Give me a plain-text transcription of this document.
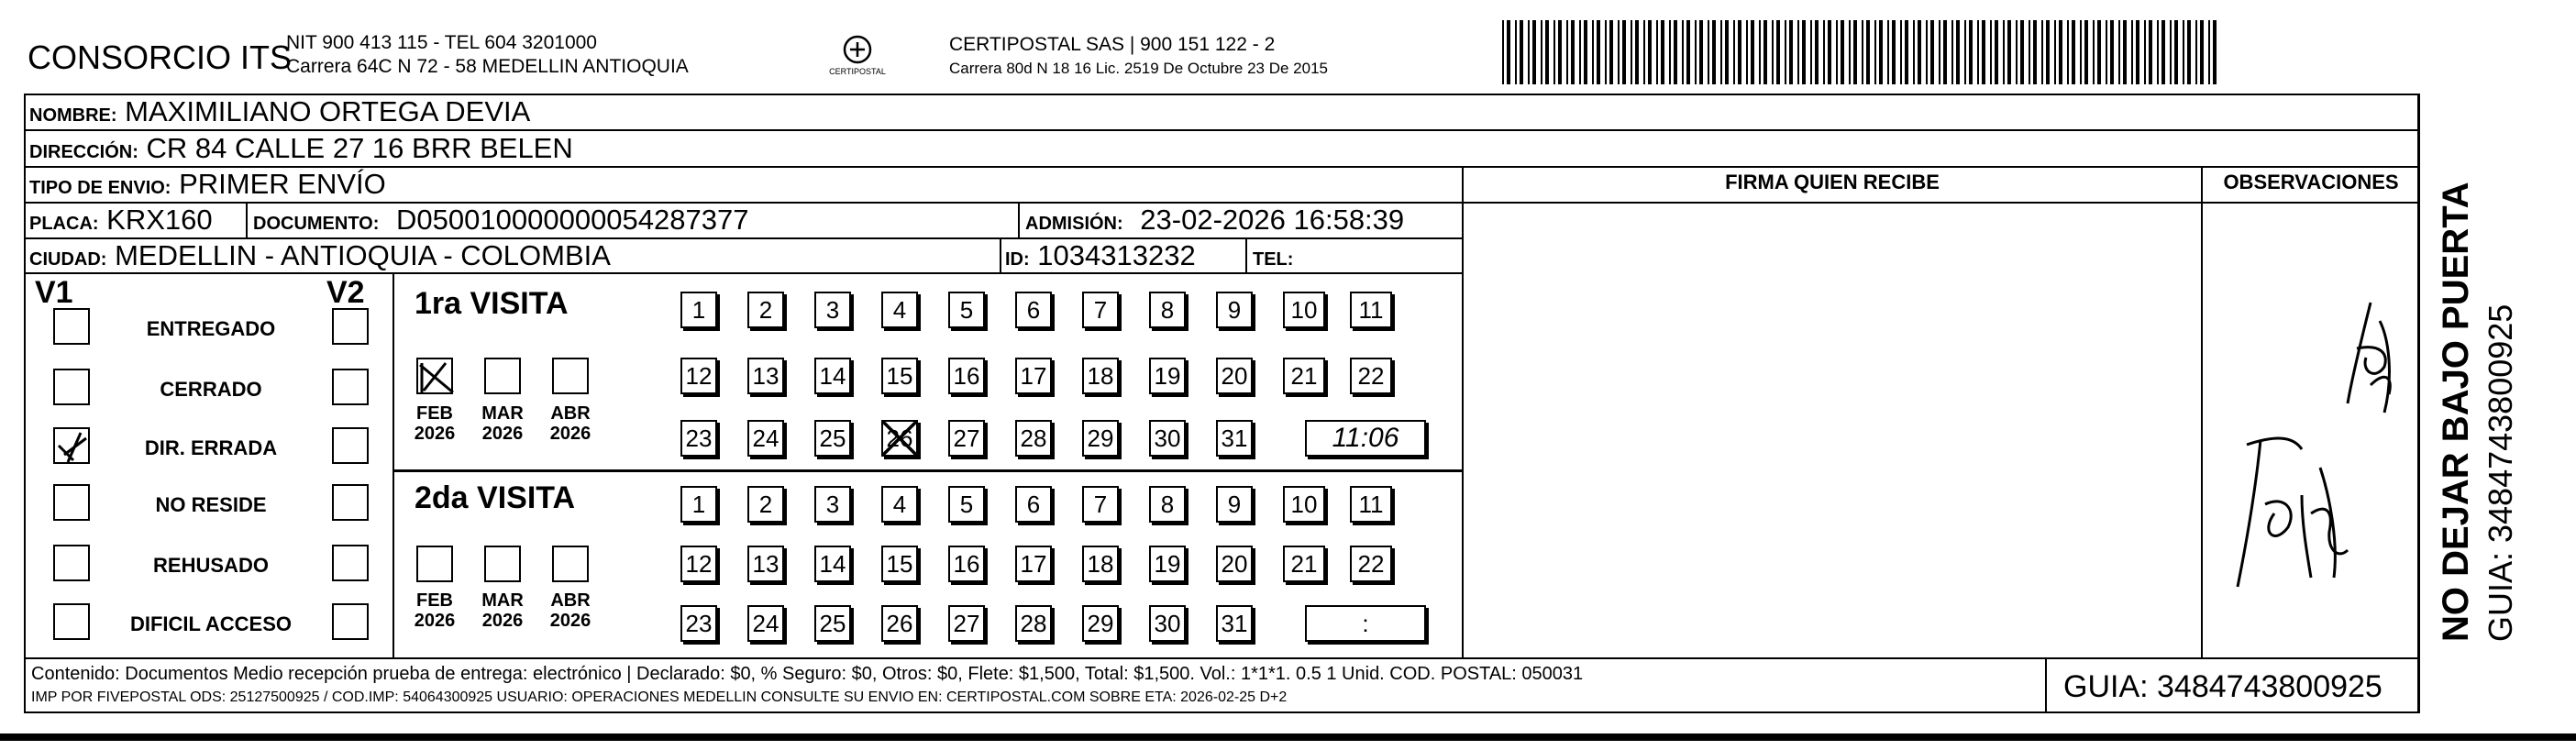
CONSORCIO ITS
NIT 900 413 115 - TEL 604 3201000
Carrera 64C N 72 - 58 MEDELLIN ANTIOQUIA	CERTIPOSTAL
CERTIPOSTAL SAS | 900 151 122 - 2
Carrera 80d N 18 16 Lic. 2519 De Octubre 23 De 2015
NOMBRE: MAXIMILIANO ORTEGA DEVIA
DIRECCIÓN: CR 84 CALLE 27 16 BRR BELEN
TIPO DE ENVIO: PRIMER ENVÍO
PLACA: KRX160 DOCUMENTO: D050010000000054287377	ADMISIÓN: 23-02-2026 16:58:39
CIUDAD: MEDELLIN - ANTIOQUIA - COLOMBIA	ID: 1034313232	TEL:
FIRMA QUIEN RECIBE	OBSERVACIONES
V1	V2
ENTREGADO
CERRADO
DIR. ERRADA
NO RESIDE
REHUSADO
DIFICIL ACCESO
1ra VISITA
2da VISITA
FEB
2026
MAR
2026
ABR
2026
1	2	3	4	5	6	7	8	9	10	11
12 13 14 15 16 17 18 19 20	21	22
23 24 25 26 27 28 29 30 31	11:06
FEB
2026
MAR
2026
ABR
2026
1	2	3	4	5	6	7	8	9	10	11
12 13 14 15 16 17 18 19 20	21	22
23 24 25 26 27 28 29 30 31	:	NO DEJAR BAJO PUERTA GUIA: 3484743800925
Contenido: Documentos Medio recepción prueba de entrega: electrónico | Declarado: $0, % Seguro: $0, Otros: $0, Flete: $1,500, Total: $1,500. Vol.: 1*1*1. 0.5 1 Unid. COD. POSTAL: 050031
IMP POR FIVEPOSTAL ODS: 25127500925 / COD.IMP: 54064300925 USUARIO: OPERACIONES MEDELLIN CONSULTE SU ENVIO EN: CERTIPOSTAL.COM SOBRE ETA: 2026-02-25 D+2	GUIA: 3484743800925
